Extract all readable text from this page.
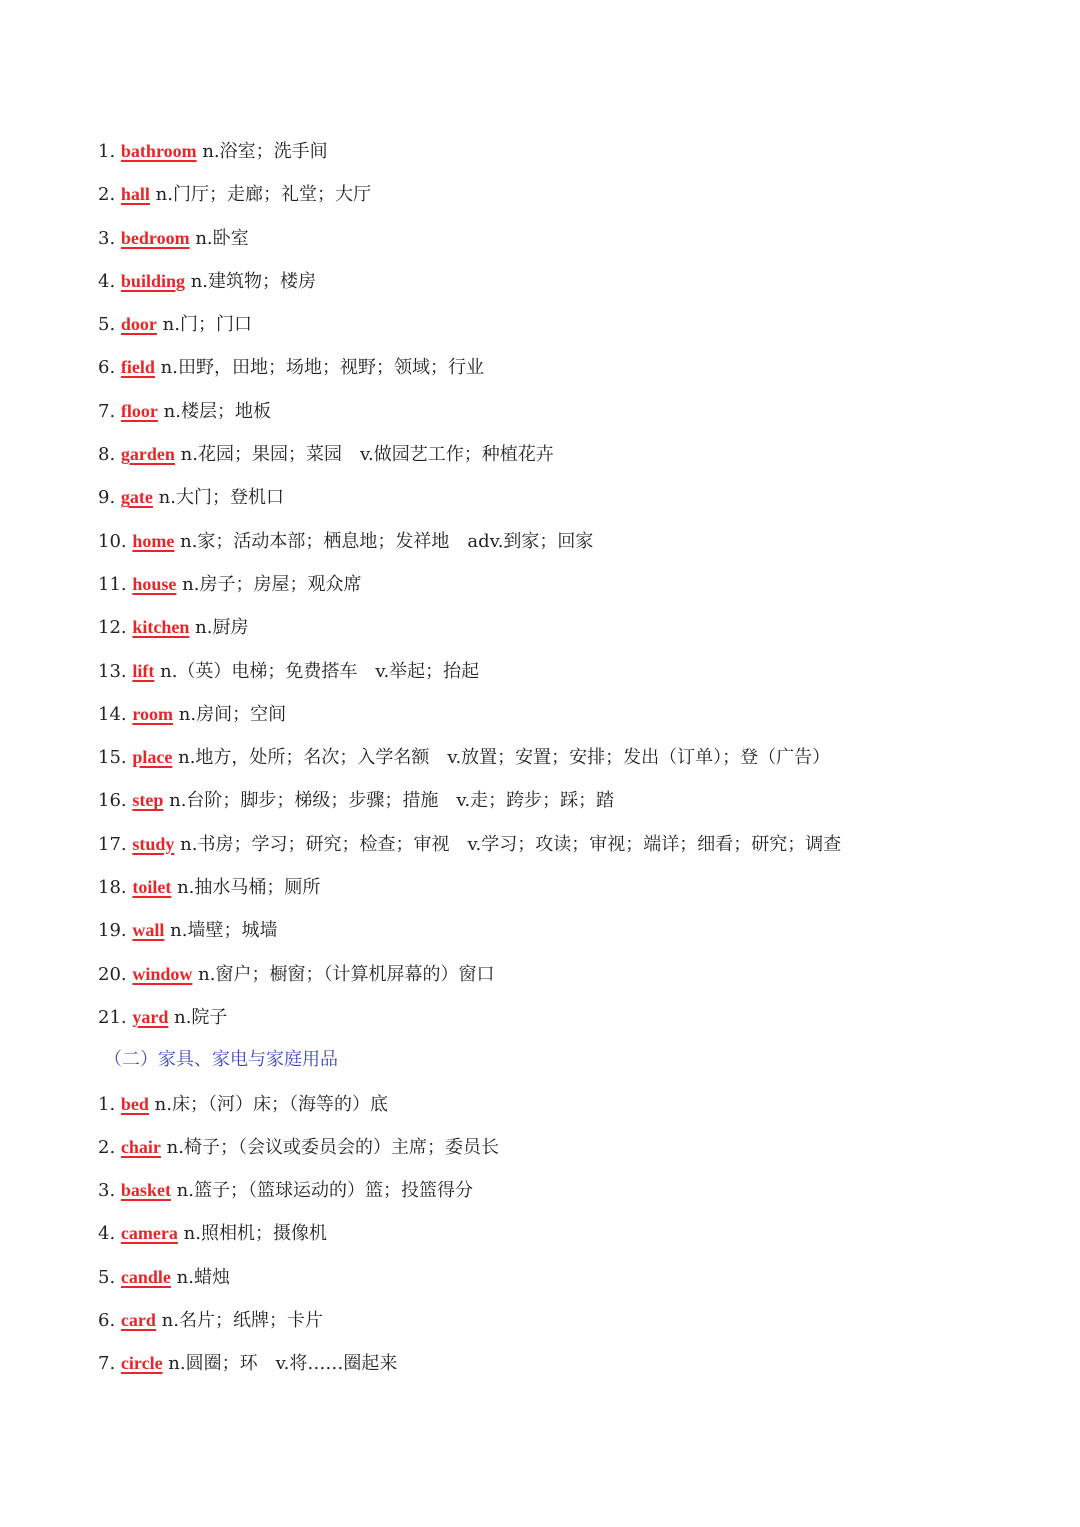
1. bathroom n.浴室；洗手间
2. hall n.门厅；走廊；礼堂；大厅
3. bedroom n.卧室
4. building n.建筑物；楼房
5. door n.门；门口
6. field n.田野，田地；场地；视野；领域；行业
7. floor n.楼层；地板
8. garden n.花园；果园；菜园　v.做园艺工作；种植花卉
9. gate n.大门；登机口
10. home n.家；活动本部；栖息地；发祥地　adv.到家；回家
11. house n.房子；房屋；观众席
12. kitchen n.厨房
13. lift n.（英）电梯；免费搭车　v.举起；抬起
14. room n.房间；空间
15. place n.地方，处所；名次；入学名额　v.放置；安置；安排；发出（订单）；登（广告）
16. step n.台阶；脚步；梯级；步骤；措施　v.走；跨步；踩；踏
17. study n.书房；学习；研究；检查；审视　v.学习；攻读；审视；端详；细看；研究；调查
18. toilet n.抽水马桶；厕所
19. wall n.墙壁；城墙
20. window n.窗户；橱窗；（计算机屏幕的）窗口
21. yard n.院子
（二）家具、家电与家庭用品
1. bed n.床；（河）床；（海等的）底
2. chair n.椅子；（会议或委员会的）主席；委员长
3. basket n.篮子；（篮球运动的）篮；投篮得分
4. camera n.照相机；摄像机
5. candle n.蜡烛
6. card n.名片；纸牌；卡片
7. circle n.圆圈；环　v.将……圈起来
